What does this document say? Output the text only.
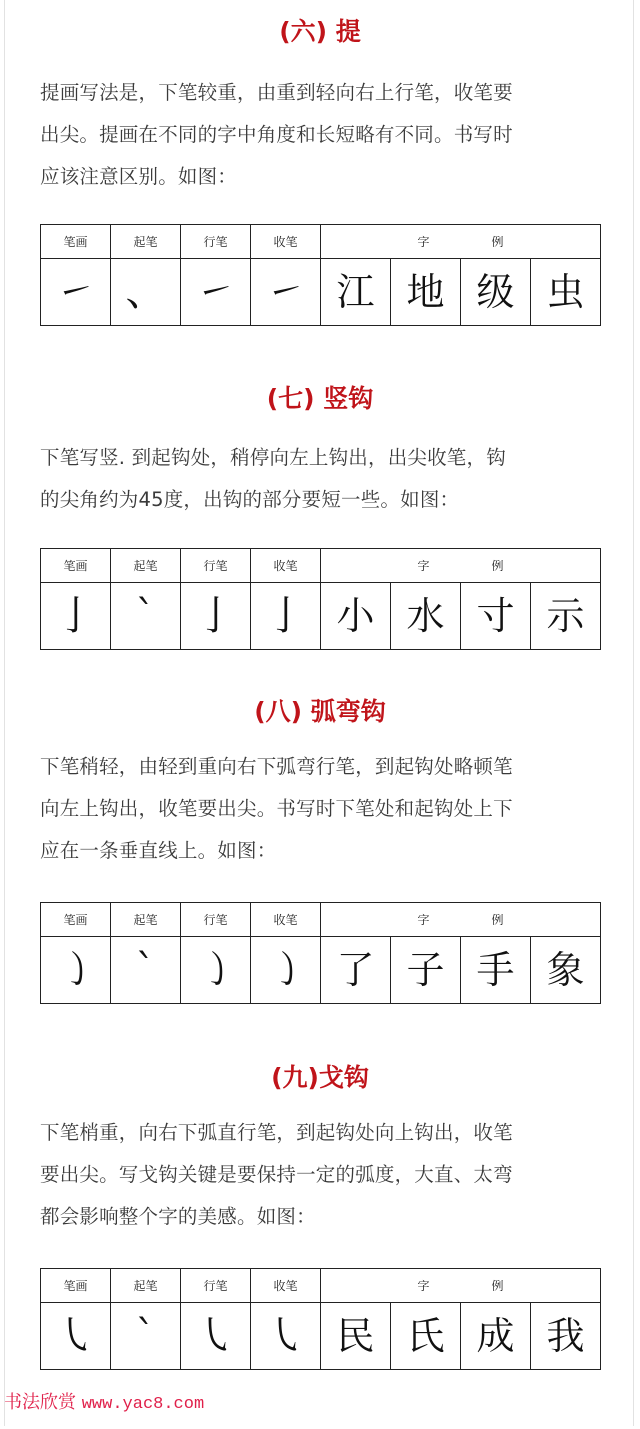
(六) 提

提画写法是，下笔较重，由重到轻向右上行笔，收笔要
出尖。提画在不同的字中角度和长短略有不同。书写时
应该注意区别。如图：

笔画	起笔	行笔	收笔	字例			
㇀	、	㇀	㇀	江	地	级	虫
(七) 竖钩

下笔写竖. 到起钩处，稍停向左上钩出，出尖收笔，钩
的尖角约为45度，出钩的部分要短一些。如图：

笔画	起笔	行笔	收笔	字例			
亅	`	亅	亅	小	水	寸	示
(八) 弧弯钩

下笔稍轻，由轻到重向右下弧弯行笔，到起钩处略顿笔
向左上钩出，收笔要出尖。书写时下笔处和起钩处上下
应在一条垂直线上。如图：

笔画	起笔	行笔	收笔	字例			
㇁	`	㇁	㇁	了	子	手	象
(九)戈钩

下笔梢重，向右下弧直行笔，到起钩处向上钩出，收笔
要出尖。写戈钩关键是要保持一定的弧度，大直、太弯
都会影响整个字的美感。如图：

笔画	起笔	行笔	收笔	字例			
㇂	`	㇂	㇂	民	氏	成	我
书法欣赏 www.yac8.com
